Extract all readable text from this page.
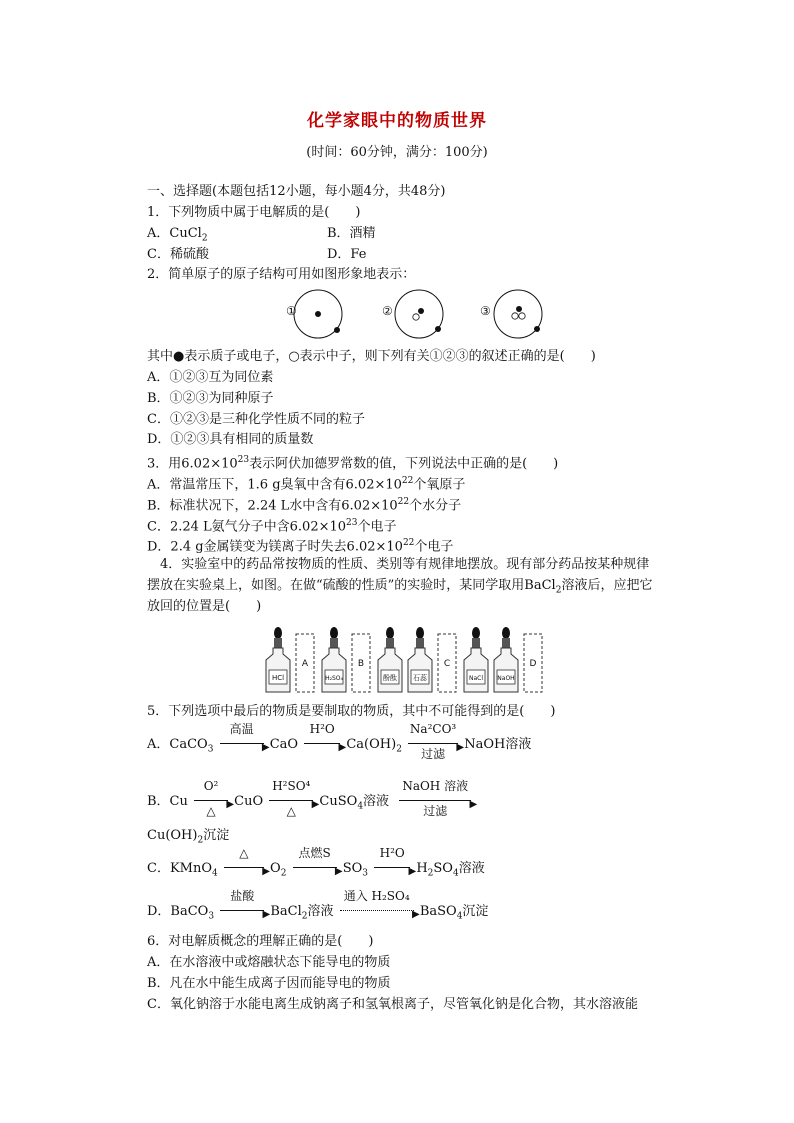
化学家眼中的物质世界
(时间：60分钟，满分：100分)
一、选择题(本题包括12小题，每小题4分，共48分)
1．下列物质中属于电解质的是(　　)
A．CuCl$_2$	B．酒精
C．稀硫酸	D．Fe
2．简单原子的原子结构可用如图形象地表示：
①	②	③
其中●表示质子或电子，○表示中子，则下列有关①②③的叙述正确的是(　　)
A．①②③互为同位素
B．①②③为同种原子
C．①②③是三种化学性质不同的粒子
D．①②③具有相同的质量数
3．用$6.02\times 10^{23}$表示阿伏加德罗常数的值，下列说法中正确的是(　　)
A．常温常压下，1.6 g臭氧中含有$6.02\times 10^{22}$个氧原子
B．标准状况下，2.24 L水中含有$6.02\times 10^{22}$个水分子
C．2.24 L氨气分子中含$6.02\times 10^{23}$个电子
D．2.4 g金属镁变为镁离子时失去$6.02\times 10^{22}$个电子
4．实验室中的药品常按物质的性质、类别等有规律地摆放。现有部分药品按某种规律
摆放在实验桌上，如图。在做“硫酸的性质”的实验时，某同学取用BaCl$_2$溶液后，应把它
放回的位置是(　　)
HCl
A
H₂SO₄
B
酚酞 石蕊
C
NaCl NaOH
D
5．下列选项中最后的物质是要制取的物质，其中不可能得到的是(　　)
A．CaCO$_3$
高温
▶ CaO
H²O
▶ $Ca(OH)_2$
Na²CO³
▶
过滤
NaOH溶液
B．Cu
O²
▶
△
CuO
H²SO⁴
▶
△
CuSO$_4$溶液
NaOH 溶液
▶
过滤
$Cu(OH)_2$沉淀
C．KMnO$_4$
△
▶ $O_2$
点燃S
▶ $SO_3$
H²O
▶ $H_2SO_4$溶液
D．BaCO$_3$
盐酸
▶ BaCl$_2$溶液
通入 H₂SO₄
▶ BaSO$_4$沉淀
6．对电解质概念的理解正确的是(　　)
A．在水溶液中或熔融状态下能导电的物质
B．凡在水中能生成离子因而能导电的物质
C．氧化钠溶于水能电离生成钠离子和氢氧根离子，尽管氧化钠是化合物，其水溶液能
